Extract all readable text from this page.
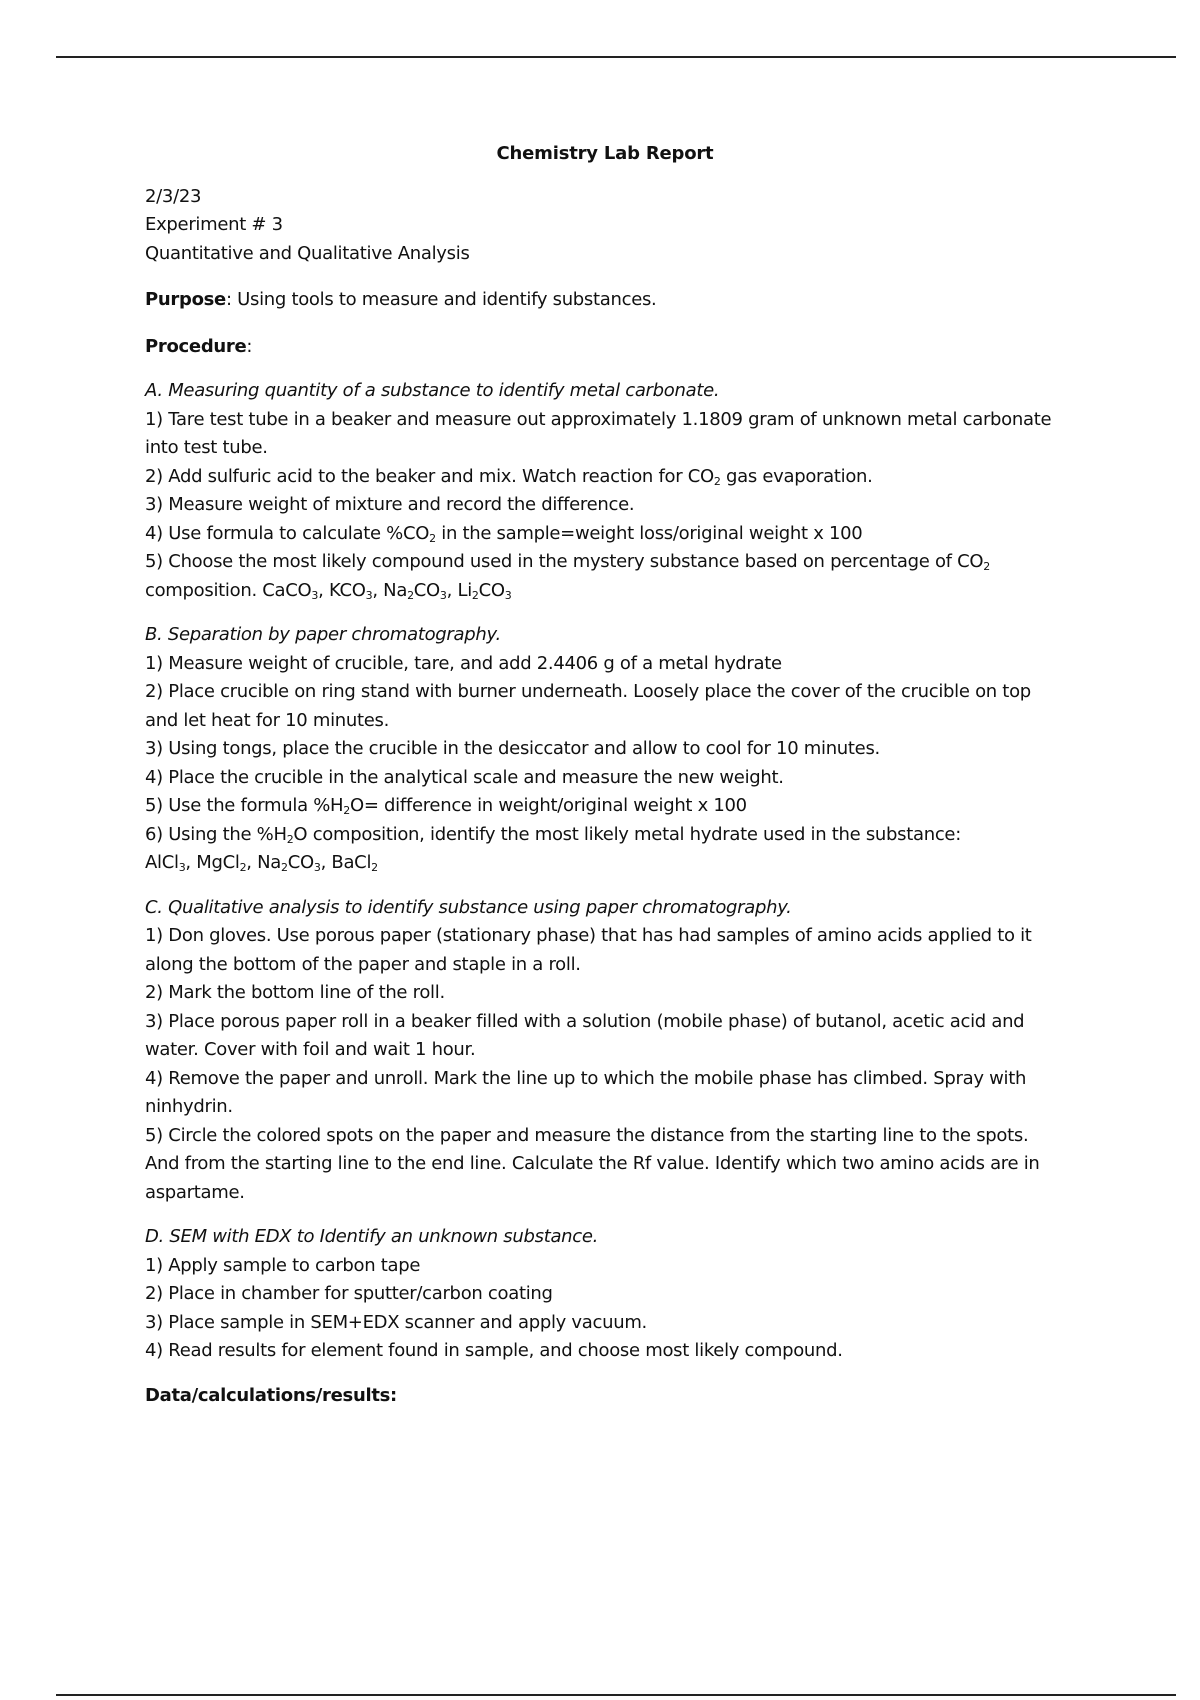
Chemistry Lab Report
2/3/23
Experiment # 3
Quantitative and Qualitative Analysis
Purpose: Using tools to measure and identify substances.
Procedure:
A. Measuring quantity of a substance to identify metal carbonate.
1) Tare test tube in a beaker and measure out approximately 1.1809 gram of unknown metal carbonate into test tube.
2) Add sulfuric acid to the beaker and mix. Watch reaction for $CO_2$ gas evaporation.
3) Measure weight of mixture and record the difference.
4) Use formula to calculate $\%CO_2$ in the sample=weight loss/original weight x 100
5) Choose the most likely compound used in the mystery substance based on percentage of $CO_2$
composition. CaCO$_3$, $KCO_3$, $Na_2CO_3$, $Li_2CO_3$
B. Separation by paper chromatography.
1) Measure weight of crucible, tare, and add 2.4406 g of a metal hydrate
2) Place crucible on ring stand with burner underneath. Loosely place the cover of the crucible on top and let heat for 10 minutes.
3) Using tongs, place the crucible in the desiccator and allow to cool for 10 minutes.
4) Place the crucible in the analytical scale and measure the new weight.
5) Use the formula $\%H_2O=$ difference in weight/original weight x 100
6) Using the $\%H_2O$ composition, identify the most likely metal hydrate used in the substance:
AlCl$_3$, MgCl$_2$, $Na_2CO_3$, BaCl$_2$
C. Qualitative analysis to identify substance using paper chromatography.
1) Don gloves. Use porous paper (stationary phase) that has had samples of amino acids applied to it along the bottom of the paper and staple in a roll.
2) Mark the bottom line of the roll.
3) Place porous paper roll in a beaker filled with a solution (mobile phase) of butanol, acetic acid and water. Cover with foil and wait 1 hour.
4) Remove the paper and unroll. Mark the line up to which the mobile phase has climbed. Spray with ninhydrin.
5) Circle the colored spots on the paper and measure the distance from the starting line to the spots. And from the starting line to the end line. Calculate the Rf value. Identify which two amino acids are in aspartame.
D. SEM with EDX to Identify an unknown substance.
1) Apply sample to carbon tape
2) Place in chamber for sputter/carbon coating
3) Place sample in SEM+EDX scanner and apply vacuum.
4) Read results for element found in sample, and choose most likely compound.
Data/calculations/results:
